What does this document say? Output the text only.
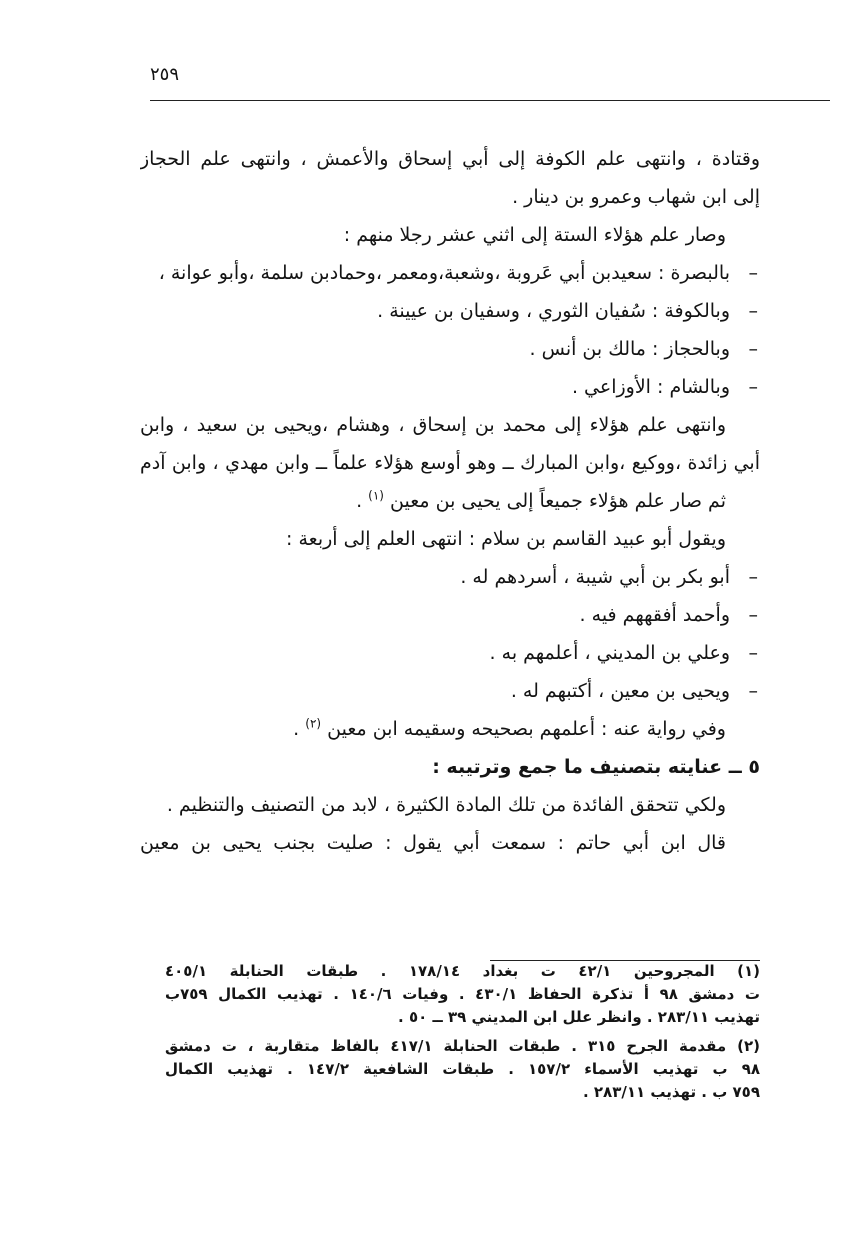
٢٥٩
وقتادة ، وانتهى علم الكوفة إلى أبي إسحاق والأعمش ، وانتهى علم الحجاز
إلى ابن شهاب وعمرو بن دينار .
وصار علم هؤلاء الستة إلى اثني عشر رجلا منهم :
–بالبصرة : سعيدبن أبي عَروبة ،وشعبة،ومعمر ،وحمادبن سلمة ،وأبو عوانة ،
–وبالكوفة : سُفيان الثوري ، وسفيان بن عيينة .
–وبالحجاز : مالك بن أنس .
–وبالشام : الأوزاعي .
وانتهى علم هؤلاء إلى محمد بن إسحاق ، وهشام ،ويحيى بن سعيد ، وابن
أبي زائدة ،ووكيع ،وابن المبارك ــ وهو أوسع هؤلاء علماً ــ وابن مهدي ، وابن آدم
ثم صار علم هؤلاء جميعاً إلى يحيى بن معين $^{(١)}$ .
ويقول أبو عبيد القاسم بن سلام : انتهى العلم إلى أربعة :
–أبو بكر بن أبي شيبة ، أسردهم له .
–وأحمد أفقههم فيه .
–وعلي بن المديني ، أعلمهم به .
–ويحيى بن معين ، أكتبهم له .
وفي رواية عنه : أعلمهم بصحيحه وسقيمه ابن معين $^{(٢)}$ .
٥ ــ عنايته بتصنيف ما جمع وترتيبه :
ولكي تتحقق الفائدة من تلك المادة الكثيرة ، لابد من التصنيف والتنظيم .
قال ابن أبي حاتم : سمعت أبي يقول : صليت بجنب يحيى بن معين
(١) المجروحين ٤٢/١ ت بغداد ١٧٨/١٤ . طبقات الحنابلة ٤٠٥/١
ت دمشق ٩٨ أ تذكرة الحفاظ ٤٣٠/١ . وفيات ١٤٠/٦ . تهذيب الكمال ٧٥٩ب
تهذيب ٢٨٣/١١ . وانظر علل ابن المديني ٣٩ ــ ٥٠ .
(٢) مقدمة الجرح ٣١٥ . طبقات الحنابلة ٤١٧/١ بالفاظ متقاربة ، ت دمشق
٩٨ ب تهذيب الأسماء ١٥٧/٢ . طبقات الشافعية ١٤٧/٢ . تهذيب الكمال
٧٥٩ ب . تهذيب ٢٨٣/١١ .
